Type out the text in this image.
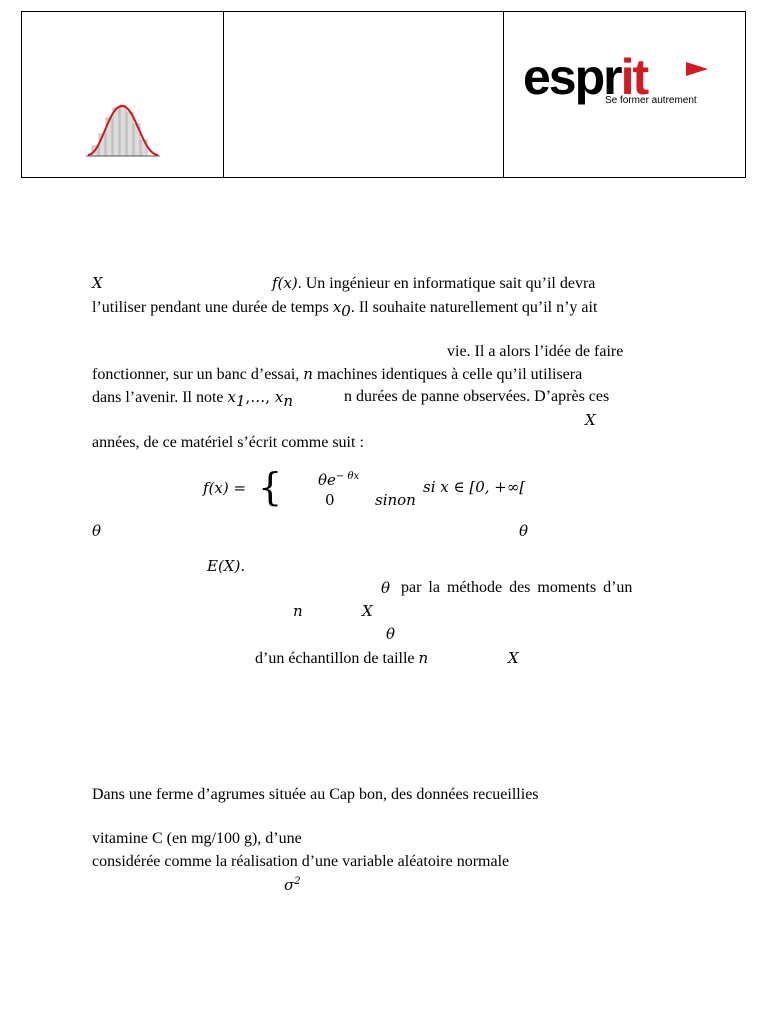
esprit
Se former autrement
X	f(x). Un ingénieur en informatique sait qu’il devra
l’utiliser pendant une durée de temps $x_0$. Il souhaite naturellement qu’il n’y ait
vie. Il a alors l’idée de faire
fonctionner, sur un banc d’essai, n machines identiques à celle qu’il utilisera
dans l’avenir. Il note $x_1,\dots$, $x_n$	n durées de panne observées. D’après ces
X
années, de ce matériel s’écrit comme suit :
f(x) = { $\theta e^{- \theta x}$
si x ∈ [0, +∞[
0	sinon
θ	θ
E(X).
θ par la méthode des moments d’un
n	X
θ
d’un échantillon de taille n	X
Dans une ferme d’agrumes située au Cap bon, des données recueillies
vitamine C (en mg/100 g), d’une
considérée comme la réalisation d’une variable aléatoire normale
$\sigma^2$
